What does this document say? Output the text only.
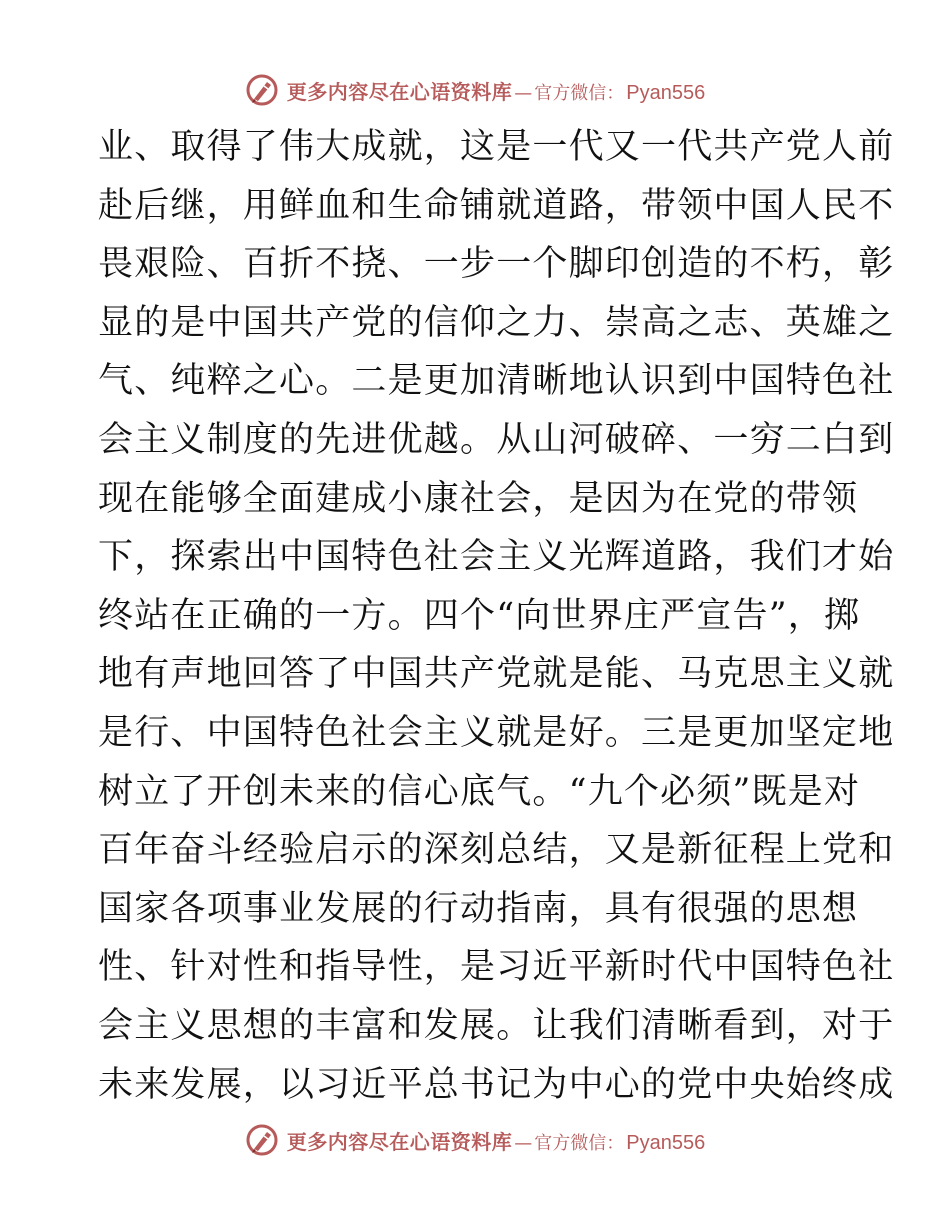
更多内容尽在心语资料库 — 官方微信： Pyan556
业、取得了伟大成就，这是一代又一代共产党人前
赴后继，用鲜血和生命铺就道路，带领中国人民不
畏艰险、百折不挠、一步一个脚印创造的不朽，彰
显的是中国共产党的信仰之力、崇高之志、英雄之
气、纯粹之心。二是更加清晰地认识到中国特色社
会主义制度的先进优越。从山河破碎、一穷二白到
现在能够全面建成小康社会，是因为在党的带领
下，探索出中国特色社会主义光辉道路，我们才始
终站在正确的一方。四个“向世界庄严宣告”，掷
地有声地回答了中国共产党就是能、马克思主义就
是行、中国特色社会主义就是好。三是更加坚定地
树立了开创未来的信心底气。“九个必须”既是对
百年奋斗经验启示的深刻总结，又是新征程上党和
国家各项事业发展的行动指南，具有很强的思想
性、针对性和指导性，是习近平新时代中国特色社
会主义思想的丰富和发展。让我们清晰看到，对于
未来发展，以习近平总书记为中心的党中央始终成
更多内容尽在心语资料库 — 官方微信： Pyan556
